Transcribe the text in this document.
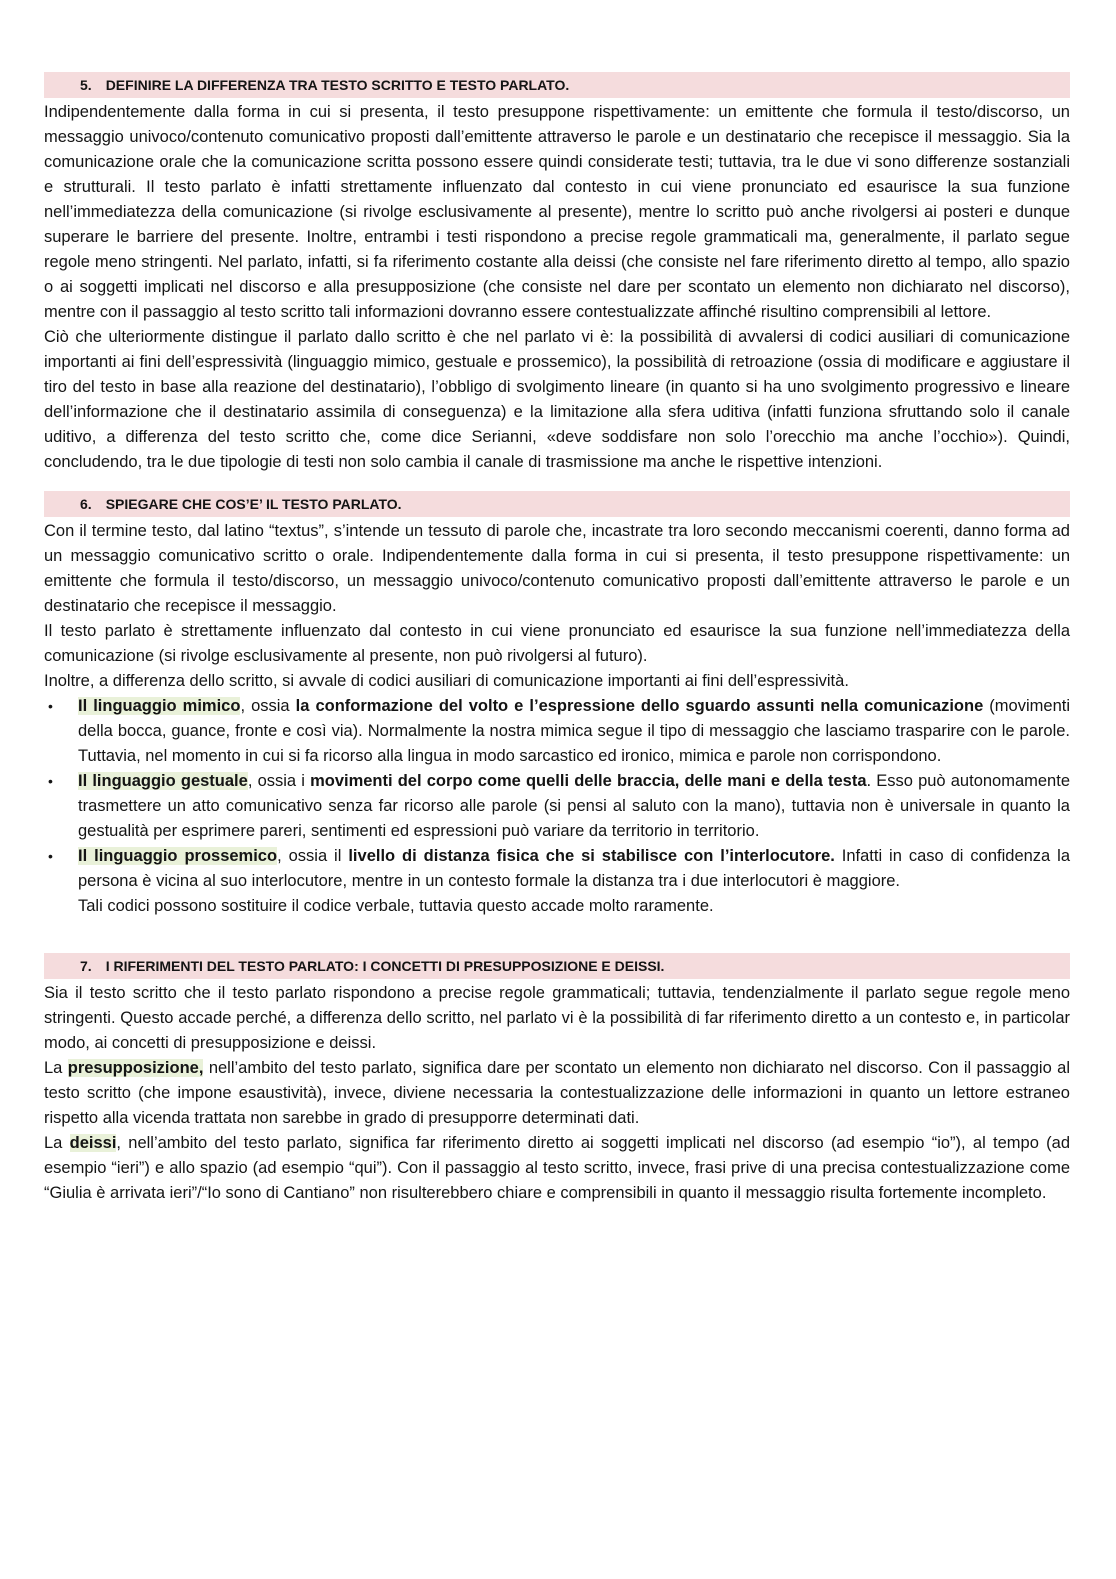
5. DEFINIRE LA DIFFERENZA TRA TESTO SCRITTO E TESTO PARLATO.

Indipendentemente dalla forma in cui si presenta, il testo presuppone rispettivamente: un emittente che formula il testo/discorso, un messaggio univoco/contenuto comunicativo proposti dall’emittente attraverso le parole e un destinatario che recepisce il messaggio. Sia la comunicazione orale che la comunicazione scritta possono essere quindi considerate testi; tuttavia, tra le due vi sono differenze sostanziali e strutturali. Il testo parlato è infatti strettamente influenzato dal contesto in cui viene pronunciato ed esaurisce la sua funzione nell’immediatezza della comunicazione (si rivolge esclusivamente al presente), mentre lo scritto può anche rivolgersi ai posteri e dunque superare le barriere del presente. Inoltre, entrambi i testi rispondono a precise regole grammaticali ma, generalmente, il parlato segue regole meno stringenti. Nel parlato, infatti, si fa riferimento costante alla deissi (che consiste nel fare riferimento diretto al tempo, allo spazio o ai soggetti implicati nel discorso e alla presupposizione (che consiste nel dare per scontato un elemento non dichiarato nel discorso), mentre con il passaggio al testo scritto tali informazioni dovranno essere contestualizzate affinché risultino comprensibili al lettore.

Ciò che ulteriormente distingue il parlato dallo scritto è che nel parlato vi è: la possibilità di avvalersi di codici ausiliari di comunicazione importanti ai fini dell’espressività (linguaggio mimico, gestuale e prossemico), la possibilità di retroazione (ossia di modificare e aggiustare il tiro del testo in base alla reazione del destinatario), l’obbligo di svolgimento lineare (in quanto si ha uno svolgimento progressivo e lineare dell’informazione che il destinatario assimila di conseguenza) e la limitazione alla sfera uditiva (infatti funziona sfruttando solo il canale uditivo, a differenza del testo scritto che, come dice Serianni, «deve soddisfare non solo l’orecchio ma anche l’occhio»). Quindi, concludendo, tra le due tipologie di testi non solo cambia il canale di trasmissione ma anche le rispettive intenzioni.

6. SPIEGARE CHE COS’E’ IL TESTO PARLATO.

Con il termine testo, dal latino “textus”, s’intende un tessuto di parole che, incastrate tra loro secondo meccanismi coerenti, danno forma ad un messaggio comunicativo scritto o orale. Indipendentemente dalla forma in cui si presenta, il testo presuppone rispettivamente: un emittente che formula il testo/discorso, un messaggio univoco/contenuto comunicativo proposti dall’emittente attraverso le parole e un destinatario che recepisce il messaggio.

Il testo parlato è strettamente influenzato dal contesto in cui viene pronunciato ed esaurisce la sua funzione nell’immediatezza della comunicazione (si rivolge esclusivamente al presente, non può rivolgersi al futuro).

Inoltre, a differenza dello scritto, si avvale di codici ausiliari di comunicazione importanti ai fini dell’espressività.

• Il linguaggio mimico, ossia la conformazione del volto e l’espressione dello sguardo assunti nella comunicazione (movimenti della bocca, guance, fronte e così via). Normalmente la nostra mimica segue il tipo di messaggio che lasciamo trasparire con le parole. Tuttavia, nel momento in cui si fa ricorso alla lingua in modo sarcastico ed ironico, mimica e parole non corrispondono.
• Il linguaggio gestuale, ossia i movimenti del corpo come quelli delle braccia, delle mani e della testa. Esso può autonomamente trasmettere un atto comunicativo senza far ricorso alle parole (si pensi al saluto con la mano), tuttavia non è universale in quanto la gestualità per esprimere pareri, sentimenti ed espressioni può variare da territorio in territorio.
• Il linguaggio prossemico, ossia il livello di distanza fisica che si stabilisce con l’interlocutore. Infatti in caso di confidenza la persona è vicina al suo interlocutore, mentre in un contesto formale la distanza tra i due interlocutori è maggiore.Tali codici possono sostituire il codice verbale, tuttavia questo accade molto raramente.
7. I RIFERIMENTI DEL TESTO PARLATO: I CONCETTI DI PRESUPPOSIZIONE E DEISSI.

Sia il testo scritto che il testo parlato rispondono a precise regole grammaticali; tuttavia, tendenzialmente il parlato segue regole meno stringenti. Questo accade perché, a differenza dello scritto, nel parlato vi è la possibilità di far riferimento diretto a un contesto e, in particolar modo, ai concetti di presupposizione e deissi.

La presupposizione, nell’ambito del testo parlato, significa dare per scontato un elemento non dichiarato nel discorso. Con il passaggio al testo scritto (che impone esaustività), invece, diviene necessaria la contestualizzazione delle informazioni in quanto un lettore estraneo rispetto alla vicenda trattata non sarebbe in grado di presupporre determinati dati.

La deissi, nell’ambito del testo parlato, significa far riferimento diretto ai soggetti implicati nel discorso (ad esempio “io”), al tempo (ad esempio “ieri”) e allo spazio (ad esempio “qui”). Con il passaggio al testo scritto, invece, frasi prive di una precisa contestualizzazione come “Giulia è arrivata ieri”/“Io sono di Cantiano” non risulterebbero chiare e comprensibili in quanto il messaggio risulta fortemente incompleto.
